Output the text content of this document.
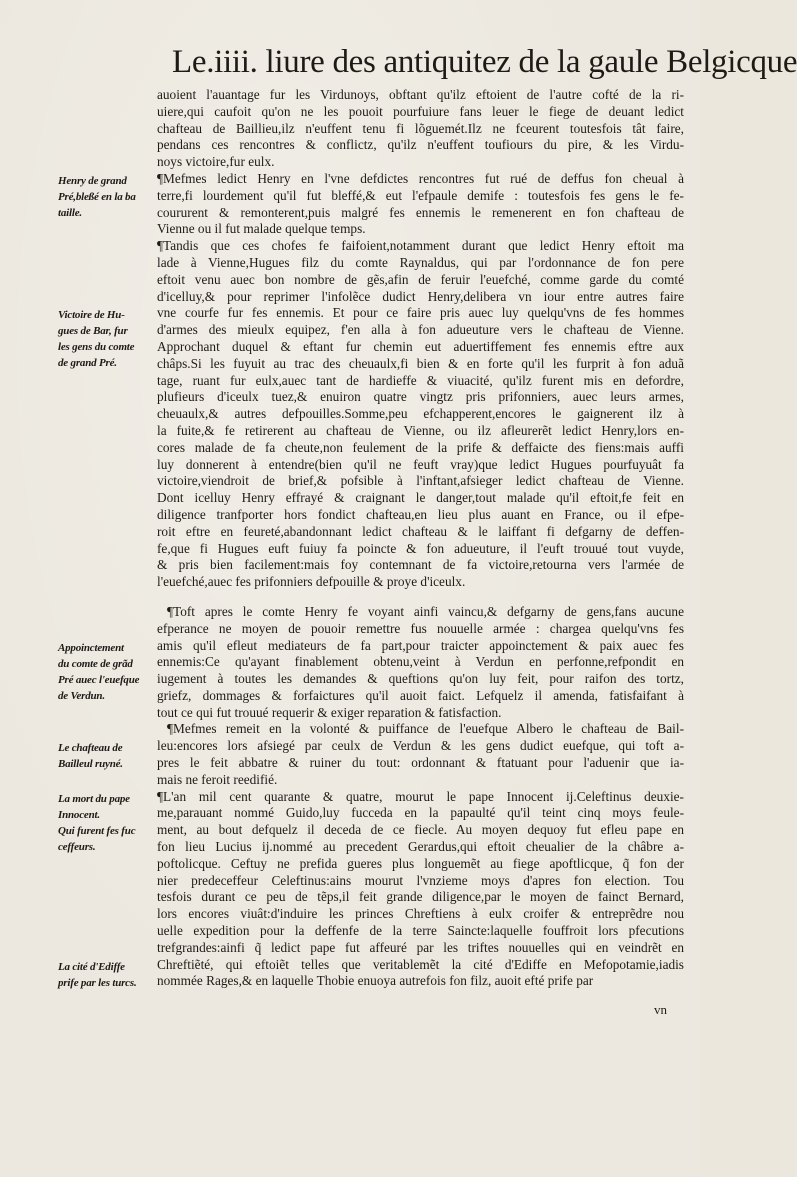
Le.iiii. liure des antiquitez de la gaule Belgicque
auoient l'auantage fur les Virdunoys, obftant qu'ilz eftoient de l'autre cofté de la ri-
uiere,qui caufoit qu'on ne les pouoit pourfuiure fans leuer le fiege de deuant ledict
chafteau de Baillieu,ilz n'euffent tenu fi lõguemét.Ilz ne fceurent toutesfois tât faire,
pendans ces rencontres & conflictz, qu'ilz n'euffent toufiours du pire, & les Virdu-
noys victoire,fur eulx.
¶Mefmes ledict Henry en l'vne defdictes rencontres fut rué de deffus fon cheual à
terre,fi lourdement qu'il fut bleffé,& eut l'efpaule demife : toutesfois fes gens le fe-
coururent & remonterent,puis malgré fes ennemis le remenerent en fon chafteau de
Vienne ou il fut malade quelque temps.
¶Tandis que ces chofes fe faifoient,notamment durant que ledict Henry eftoit ma
lade à Vienne,Hugues filz du comte Raynaldus, qui par l'ordonnance de fon pere
eftoit venu auec bon nombre de gẽs,afin de feruir l'euefché, comme garde du comté
d'icelluy,& pour reprimer l'infolẽce dudict Henry,delibera vn iour entre autres faire
vne courfe fur fes ennemis. Et pour ce faire pris auec luy quelqu'vns de fes hommes
d'armes des mieulx equipez, f'en alla à fon adueuture vers le chafteau de Vienne.
Approchant duquel & eftant fur chemin eut aduertiffement fes ennemis eftre aux
châps.Si les fuyuit au trac des cheuaulx,fi bien & en forte qu'il les furprit à fon aduã
tage, ruant fur eulx,auec tant de hardieffe & viuacité, qu'ilz furent mis en defordre,
plufieurs d'iceulx tuez,& enuiron quatre vingtz pris prifonniers, auec leurs armes,
cheuaulx,& autres defpouilles.Somme,peu efchapperent,encores le gaignerent ilz à
la fuite,& fe retirerent au chafteau de Vienne, ou ilz afleurerẽt ledict Henry,lors en-
cores malade de fa cheute,non feulement de la prife & deffaicte des fiens:mais auffi
luy donnerent à entendre(bien qu'il ne feuft vray)que ledict Hugues pourfuyuât fa
victoire,viendroit de brief,& pofsible à l'inftant,afsieger ledict chafteau de Vienne.
Dont icelluy Henry effrayé & craignant le danger,tout malade qu'il eftoit,fe feit en
diligence tranfporter hors fondict chafteau,en lieu plus auant en France, ou il efpe-
roit eftre en feureté,abandonnant ledict chafteau & le laiffant fi defgarny de deffen-
fe,que fi Hugues euft fuiuy fa poincte & fon adueuture, il l'euft trouué tout vuyde,
& pris bien facilement:mais foy contemnant de fa victoire,retourna vers l'armée de
l'euefché,auec fes prifonniers defpouille & proye d'iceulx.
¶Toft apres le comte Henry fe voyant ainfi vaincu,& defgarny de gens,fans aucune
efperance ne moyen de pouoir remettre fus nouuelle armée : chargea quelqu'vns fes
amis qu'il efleut mediateurs de fa part,pour traicter appoinctement & paix auec fes
ennemis:Ce qu'ayant finablement obtenu,veint à Verdun en perfonne,refpondit en
iugement à toutes les demandes & queftions qu'on luy feit, pour raifon des tortz,
griefz, dommages & forfaictures qu'il auoit faict. Lefquelz il amenda, fatisfaifant à
tout ce qui fut trouué requerir & exiger reparation & fatisfaction.
¶Mefmes remeit en la volonté & puiffance de l'euefque Albero le chafteau de Bail-
leu:encores lors afsiegé par ceulx de Verdun & les gens dudict euefque, qui toft a-
pres le feit abbatre & ruiner du tout: ordonnant & ftatuant pour l'aduenir que ia-
mais ne feroit reedifié.
¶L'an mil cent quarante & quatre, mourut le pape Innocent ij.Celeftinus deuxie-
me,parauant nommé Guido,luy fucceda en la papaulté qu'il teint cinq moys feule-
ment, au bout defquelz il deceda de ce fiecle. Au moyen dequoy fut efleu pape en
fon lieu Lucius ij.nommé au precedent Gerardus,qui eftoit cheualier de la châbre a-
poftolicque. Ceftuy ne prefida gueres plus longuemẽt au fiege apoftlicque, q̃ fon der
nier predeceffeur Celeftinus:ains mourut l'vnzieme moys d'apres fon election. Tou
tesfois durant ce peu de tẽps,il feit grande diligence,par le moyen de fainct Bernard,
lors encores viuât:d'induire les princes Chreftiens à eulx croifer & entreprẽdre nou
uelle expedition pour la deffenfe de la terre Saincte:laquelle fouffroit lors pfecutions
trefgrandes:ainfi q̃ ledict pape fut affeuré par les triftes nouuelles qui en veindrẽt en
Chreftiẽté, qui eftoiẽt telles que veritablemẽt la cité d'Ediffe en Mefopotamie,iadis
nommée Rages,& en laquelle Thobie enuoya autrefois fon filz, auoit efté prife par
Henry de grand
Pré,bleßé en la ba
taille.
Victoire de Hu-
gues de Bar, fur
les gens du comte
de grand Pré.
Appoinctement
du comte de grãd
Pré auec l'euefque
de Verdun.
Le chafteau de
Bailleul ruyné.
La mort du pape
Innocent.
Qui furent fes fuc
ceffeurs.
La cité d'Ediffe
prife par les turcs.
vn
